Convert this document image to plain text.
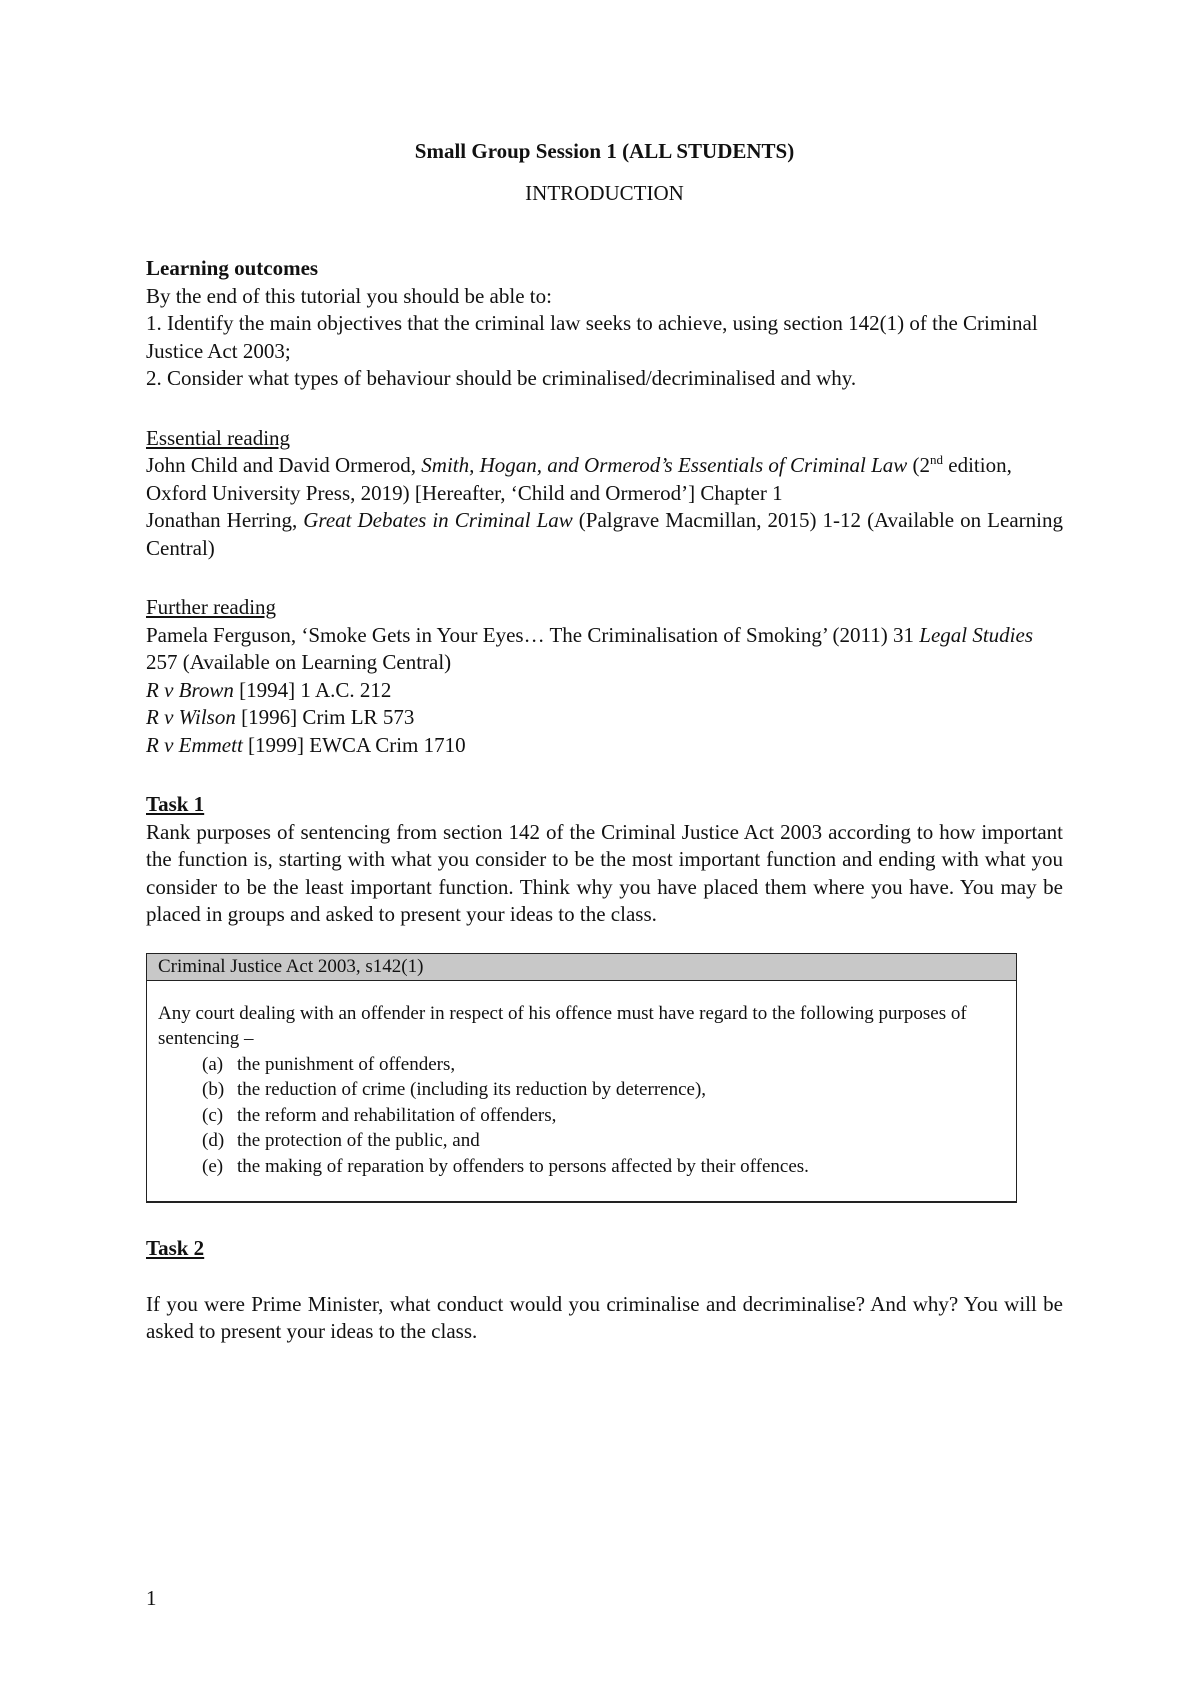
Small Group Session 1 (ALL STUDENTS)

INTRODUCTION

Learning outcomes

By the end of this tutorial you should be able to:

1. Identify the main objectives that the criminal law seeks to achieve, using section 142(1) of the Criminal Justice Act 2003;

2. Consider what types of behaviour should be criminalised/decriminalised and why.

Essential reading

John Child and David Ormerod, Smith, Hogan, and Ormerod’s Essentials of Criminal Law (2nd edition, Oxford University Press, 2019) [Hereafter, ‘Child and Ormerod’] Chapter 1

Jonathan Herring, Great Debates in Criminal Law (Palgrave Macmillan, 2015) 1-12 (Available on Learning Central)

Further reading

Pamela Ferguson, ‘Smoke Gets in Your Eyes… The Criminalisation of Smoking’ (2011) 31 Legal Studies 257 (Available on Learning Central)

R v Brown [1994] 1 A.C. 212

R v Wilson [1996] Crim LR 573

R v Emmett [1999] EWCA Crim 1710

Task 1

Rank purposes of sentencing from section 142 of the Criminal Justice Act 2003 according to how important the function is, starting with what you consider to be the most important function and ending with what you consider to be the least important function. Think why you have placed them where you have. You may be placed in groups and asked to present your ideas to the class.

Criminal Justice Act 2003, s142(1)

Any court dealing with an offender in respect of his offence must have regard to the following purposes of sentencing –

(a) the punishment of offenders,
(b) the reduction of crime (including its reduction by deterrence),
(c) the reform and rehabilitation of offenders,
(d) the protection of the public, and
(e) the making of reparation by offenders to persons affected by their offences.

Task 2

If you were Prime Minister, what conduct would you criminalise and decriminalise? And why? You will be asked to present your ideas to the class.

1
